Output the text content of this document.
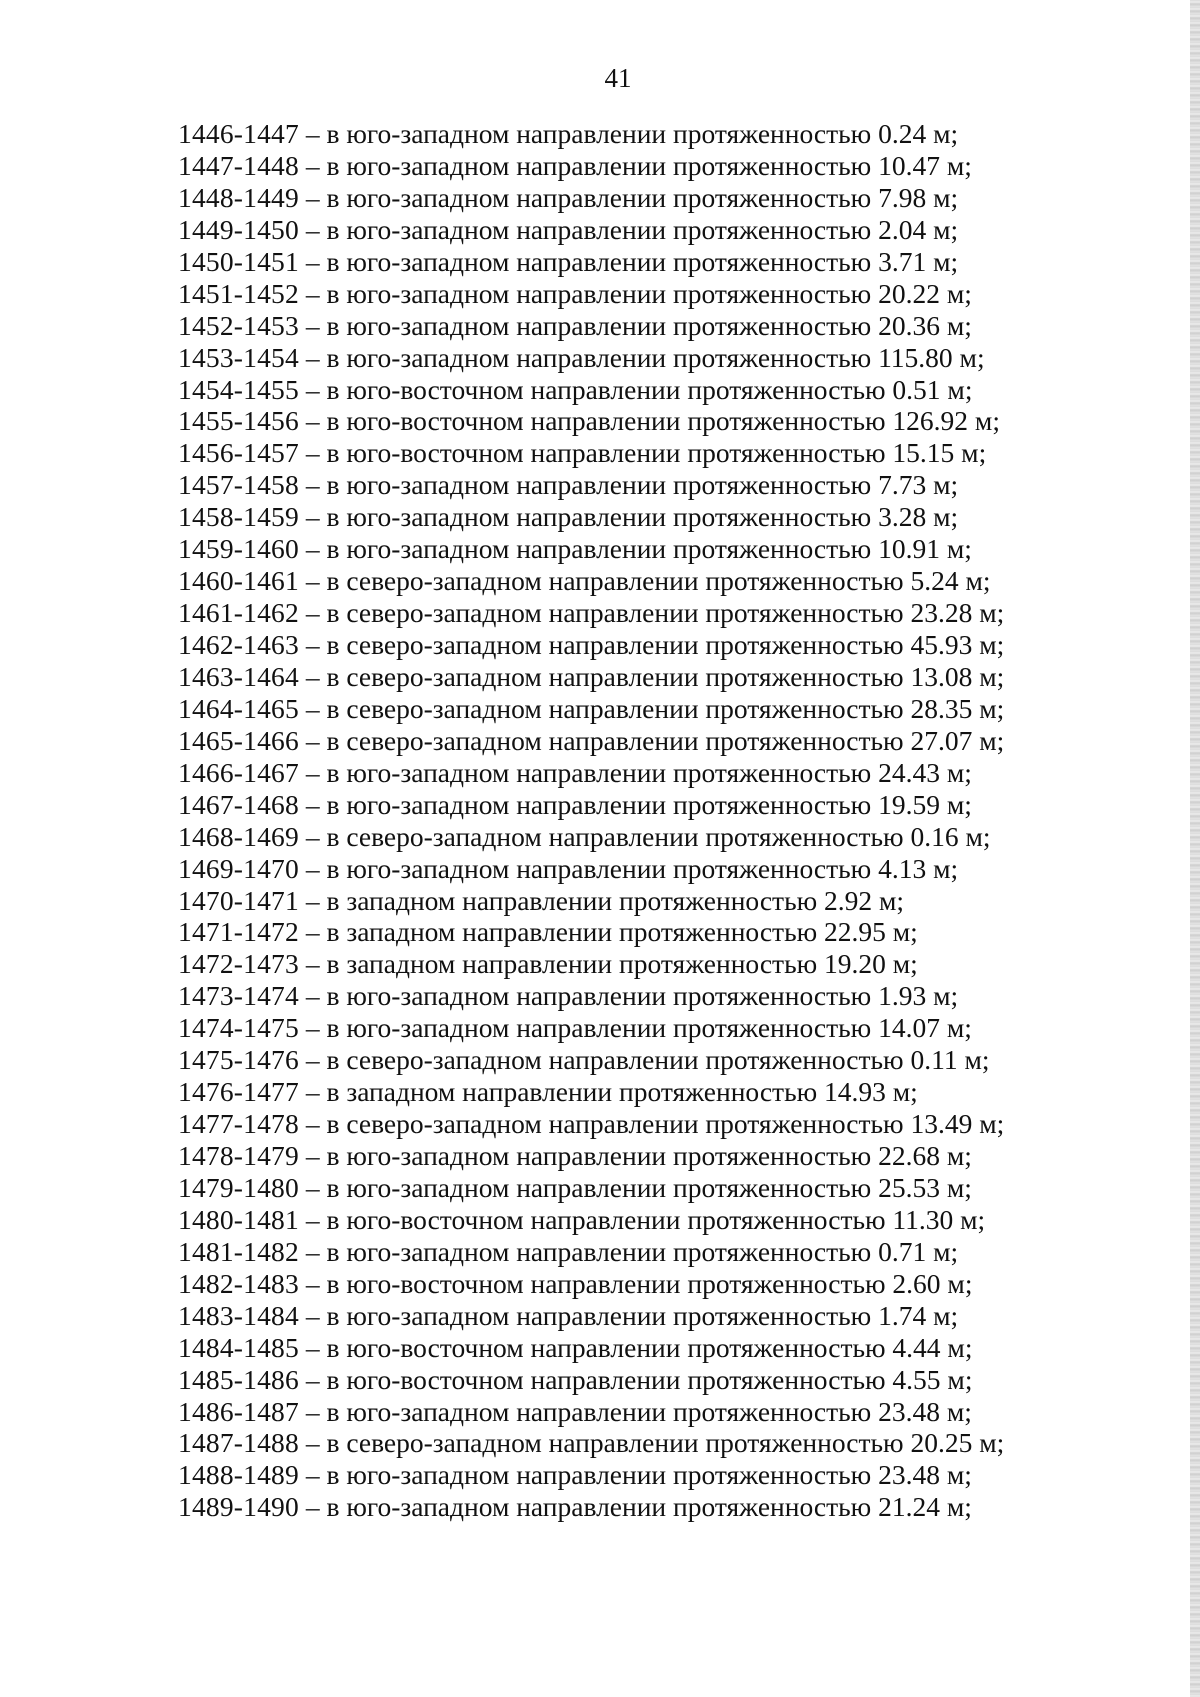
41
1446-1447 – в юго-западном направлении протяженностью 0.24 м;
1447-1448 – в юго-западном направлении протяженностью 10.47 м;
1448-1449 – в юго-западном направлении протяженностью 7.98 м;
1449-1450 – в юго-западном направлении протяженностью 2.04 м;
1450-1451 – в юго-западном направлении протяженностью 3.71 м;
1451-1452 – в юго-западном направлении протяженностью 20.22 м;
1452-1453 – в юго-западном направлении протяженностью 20.36 м;
1453-1454 – в юго-западном направлении протяженностью 115.80 м;
1454-1455 – в юго-восточном направлении протяженностью 0.51 м;
1455-1456 – в юго-восточном направлении протяженностью 126.92 м;
1456-1457 – в юго-восточном направлении протяженностью 15.15 м;
1457-1458 – в юго-западном направлении протяженностью 7.73 м;
1458-1459 – в юго-западном направлении протяженностью 3.28 м;
1459-1460 – в юго-западном направлении протяженностью 10.91 м;
1460-1461 – в северо-западном направлении протяженностью 5.24 м;
1461-1462 – в северо-западном направлении протяженностью 23.28 м;
1462-1463 – в северо-западном направлении протяженностью 45.93 м;
1463-1464 – в северо-западном направлении протяженностью 13.08 м;
1464-1465 – в северо-западном направлении протяженностью 28.35 м;
1465-1466 – в северо-западном направлении протяженностью 27.07 м;
1466-1467 – в юго-западном направлении протяженностью 24.43 м;
1467-1468 – в юго-западном направлении протяженностью 19.59 м;
1468-1469 – в северо-западном направлении протяженностью 0.16 м;
1469-1470 – в юго-западном направлении протяженностью 4.13 м;
1470-1471 – в западном направлении протяженностью 2.92 м;
1471-1472 – в западном направлении протяженностью 22.95 м;
1472-1473 – в западном направлении протяженностью 19.20 м;
1473-1474 – в юго-западном направлении протяженностью 1.93 м;
1474-1475 – в юго-западном направлении протяженностью 14.07 м;
1475-1476 – в северо-западном направлении протяженностью 0.11 м;
1476-1477 – в западном направлении протяженностью 14.93 м;
1477-1478 – в северо-западном направлении протяженностью 13.49 м;
1478-1479 – в юго-западном направлении протяженностью 22.68 м;
1479-1480 – в юго-западном направлении протяженностью 25.53 м;
1480-1481 – в юго-восточном направлении протяженностью 11.30 м;
1481-1482 – в юго-западном направлении протяженностью 0.71 м;
1482-1483 – в юго-восточном направлении протяженностью 2.60 м;
1483-1484 – в юго-западном направлении протяженностью 1.74 м;
1484-1485 – в юго-восточном направлении протяженностью 4.44 м;
1485-1486 – в юго-восточном направлении протяженностью 4.55 м;
1486-1487 – в юго-западном направлении протяженностью 23.48 м;
1487-1488 – в северо-западном направлении протяженностью 20.25 м;
1488-1489 – в юго-западном направлении протяженностью 23.48 м;
1489-1490 – в юго-западном направлении протяженностью 21.24 м;
